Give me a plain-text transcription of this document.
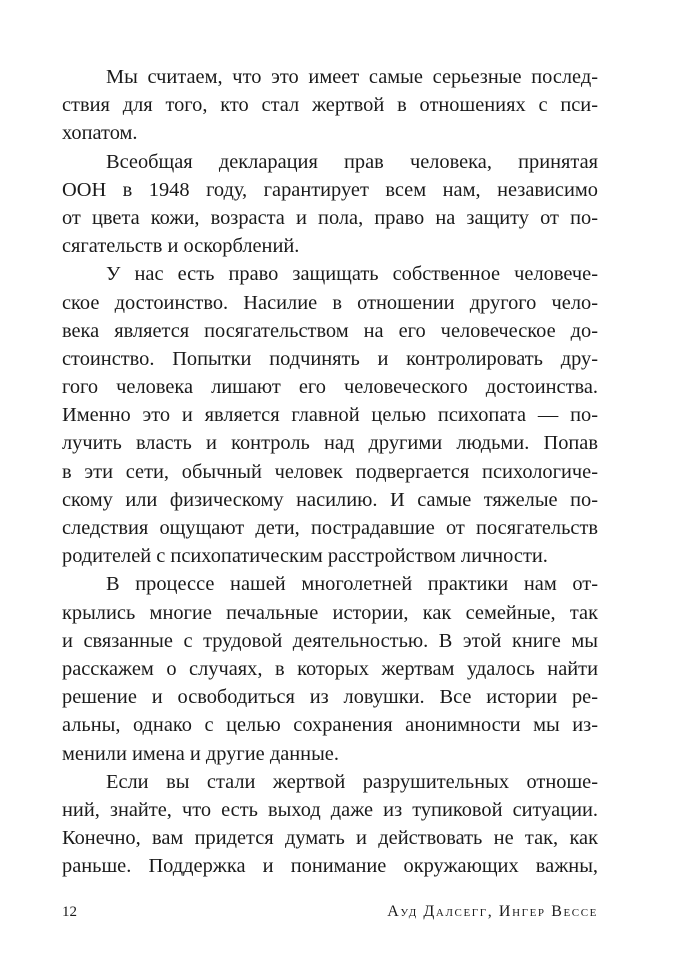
Мы считаем, что это имеет самые серьезные послед-
ствия для того, кто стал жертвой в отношениях с пси-
хопатом.
Всеобщая декларация прав человека, принятая
ООН в 1948 году, гарантирует всем нам, независимо
от цвета кожи, возраста и пола, право на защиту от по-
сягательств и оскорблений.
У нас есть право защищать собственное человече-
ское достоинство. Насилие в отношении другого чело-
века является посягательством на его человеческое до-
стоинство. Попытки подчинять и контролировать дру-
гого человека лишают его человеческого достоинства.
Именно это и является главной целью психопата — по-
лучить власть и контроль над другими людьми. Попав
в эти сети, обычный человек подвергается психологиче-
скому или физическому насилию. И самые тяжелые по-
следствия ощущают дети, пострадавшие от посягательств
родителей с психопатическим расстройством личности.
В процессе нашей многолетней практики нам от-
крылись многие печальные истории, как семейные, так
и связанные с трудовой деятельностью. В этой книге мы
расскажем о случаях, в которых жертвам удалось найти
решение и освободиться из ловушки. Все истории ре-
альны, однако с целью сохранения анонимности мы из-
менили имена и другие данные.
Если вы стали жертвой разрушительных отноше-
ний, знайте, что есть выход даже из тупиковой ситуации.
Конечно, вам придется думать и действовать не так, как
раньше. Поддержка и понимание окружающих важны,
12	Ауд Далсегг, Ингер Вессе
